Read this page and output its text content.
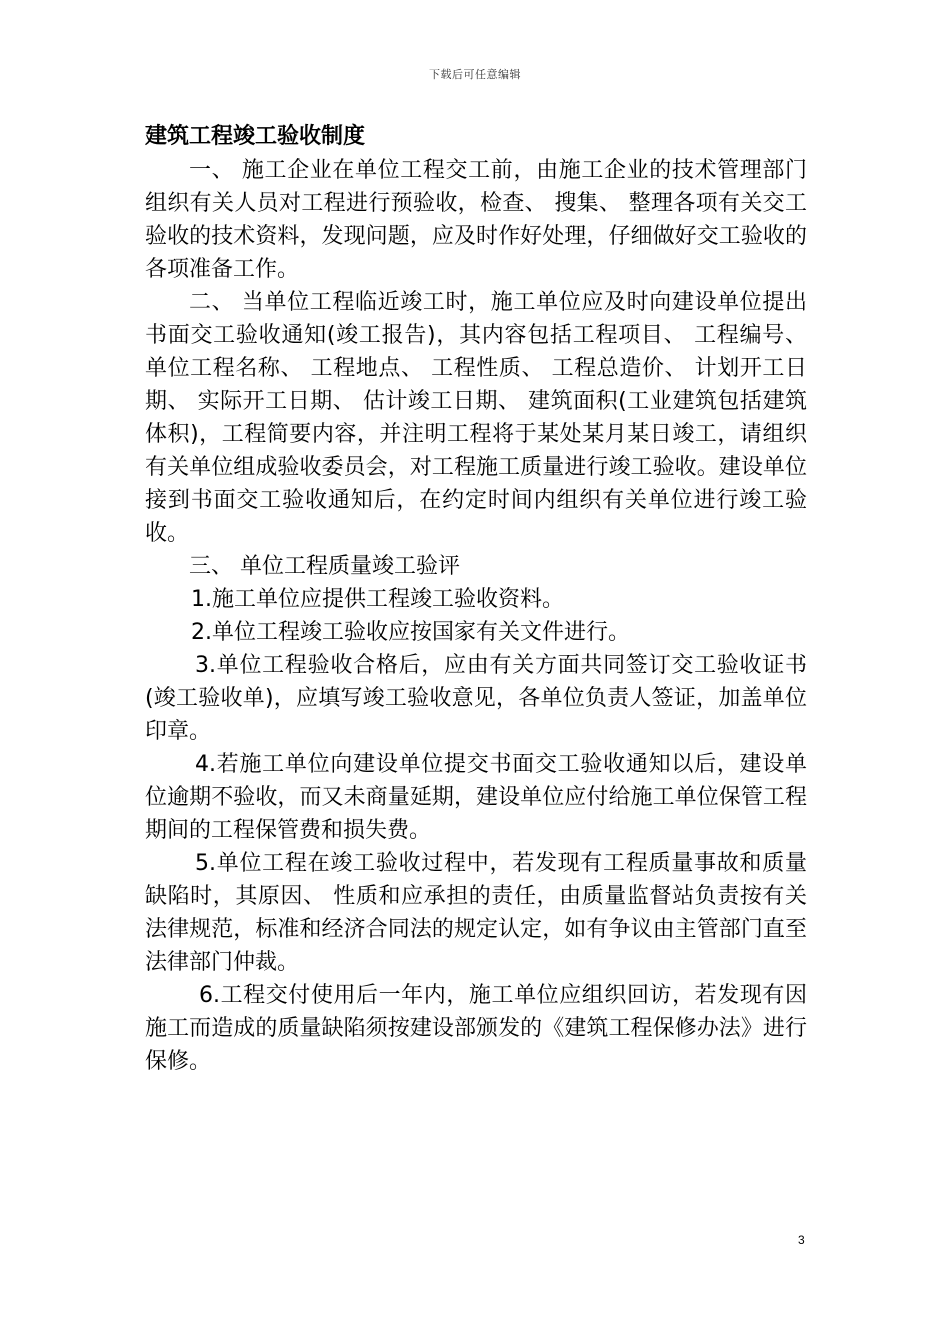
下载后可任意编辑
建筑工程竣工验收制度

一、 施工企业在单位工程交工前，由施工企业的技术管理部门组织有关人员对工程进行预验收，检查、 搜集、 整理各项有关交工验收的技术资料，发现问题，应及时作好处理，仔细做好交工验收的各项准备工作。

二、 当单位工程临近竣工时，施工单位应及时向建设单位提出书面交工验收通知(竣工报告)，其内容包括工程项目、 工程编号、 单位工程名称、 工程地点、 工程性质、 工程总造价、 计划开工日期、 实际开工日期、 估计竣工日期、 建筑面积(工业建筑包括建筑体积)，工程简要内容，并注明工程将于某处某月某日竣工，请组织有关单位组成验收委员会，对工程施工质量进行竣工验收。建设单位接到书面交工验收通知后，在约定时间内组织有关单位进行竣工验收。

三、 单位工程质量竣工验评

1.施工单位应提供工程竣工验收资料。

2.单位工程竣工验收应按国家有关文件进行。

3.单位工程验收合格后，应由有关方面共同签订交工验收证书(竣工验收单)，应填写竣工验收意见，各单位负责人签证，加盖单位印章。

4.若施工单位向建设单位提交书面交工验收通知以后，建设单位逾期不验收，而又未商量延期，建设单位应付给施工单位保管工程期间的工程保管费和损失费。

5.单位工程在竣工验收过程中，若发现有工程质量事故和质量缺陷时，其原因、 性质和应承担的责任，由质量监督站负责按有关法律规范，标准和经济合同法的规定认定，如有争议由主管部门直至法律部门仲裁。

6.工程交付使用后一年内，施工单位应组织回访，若发现有因施工而造成的质量缺陷须按建设部颁发的《建筑工程保修办法》进行保修。

3
